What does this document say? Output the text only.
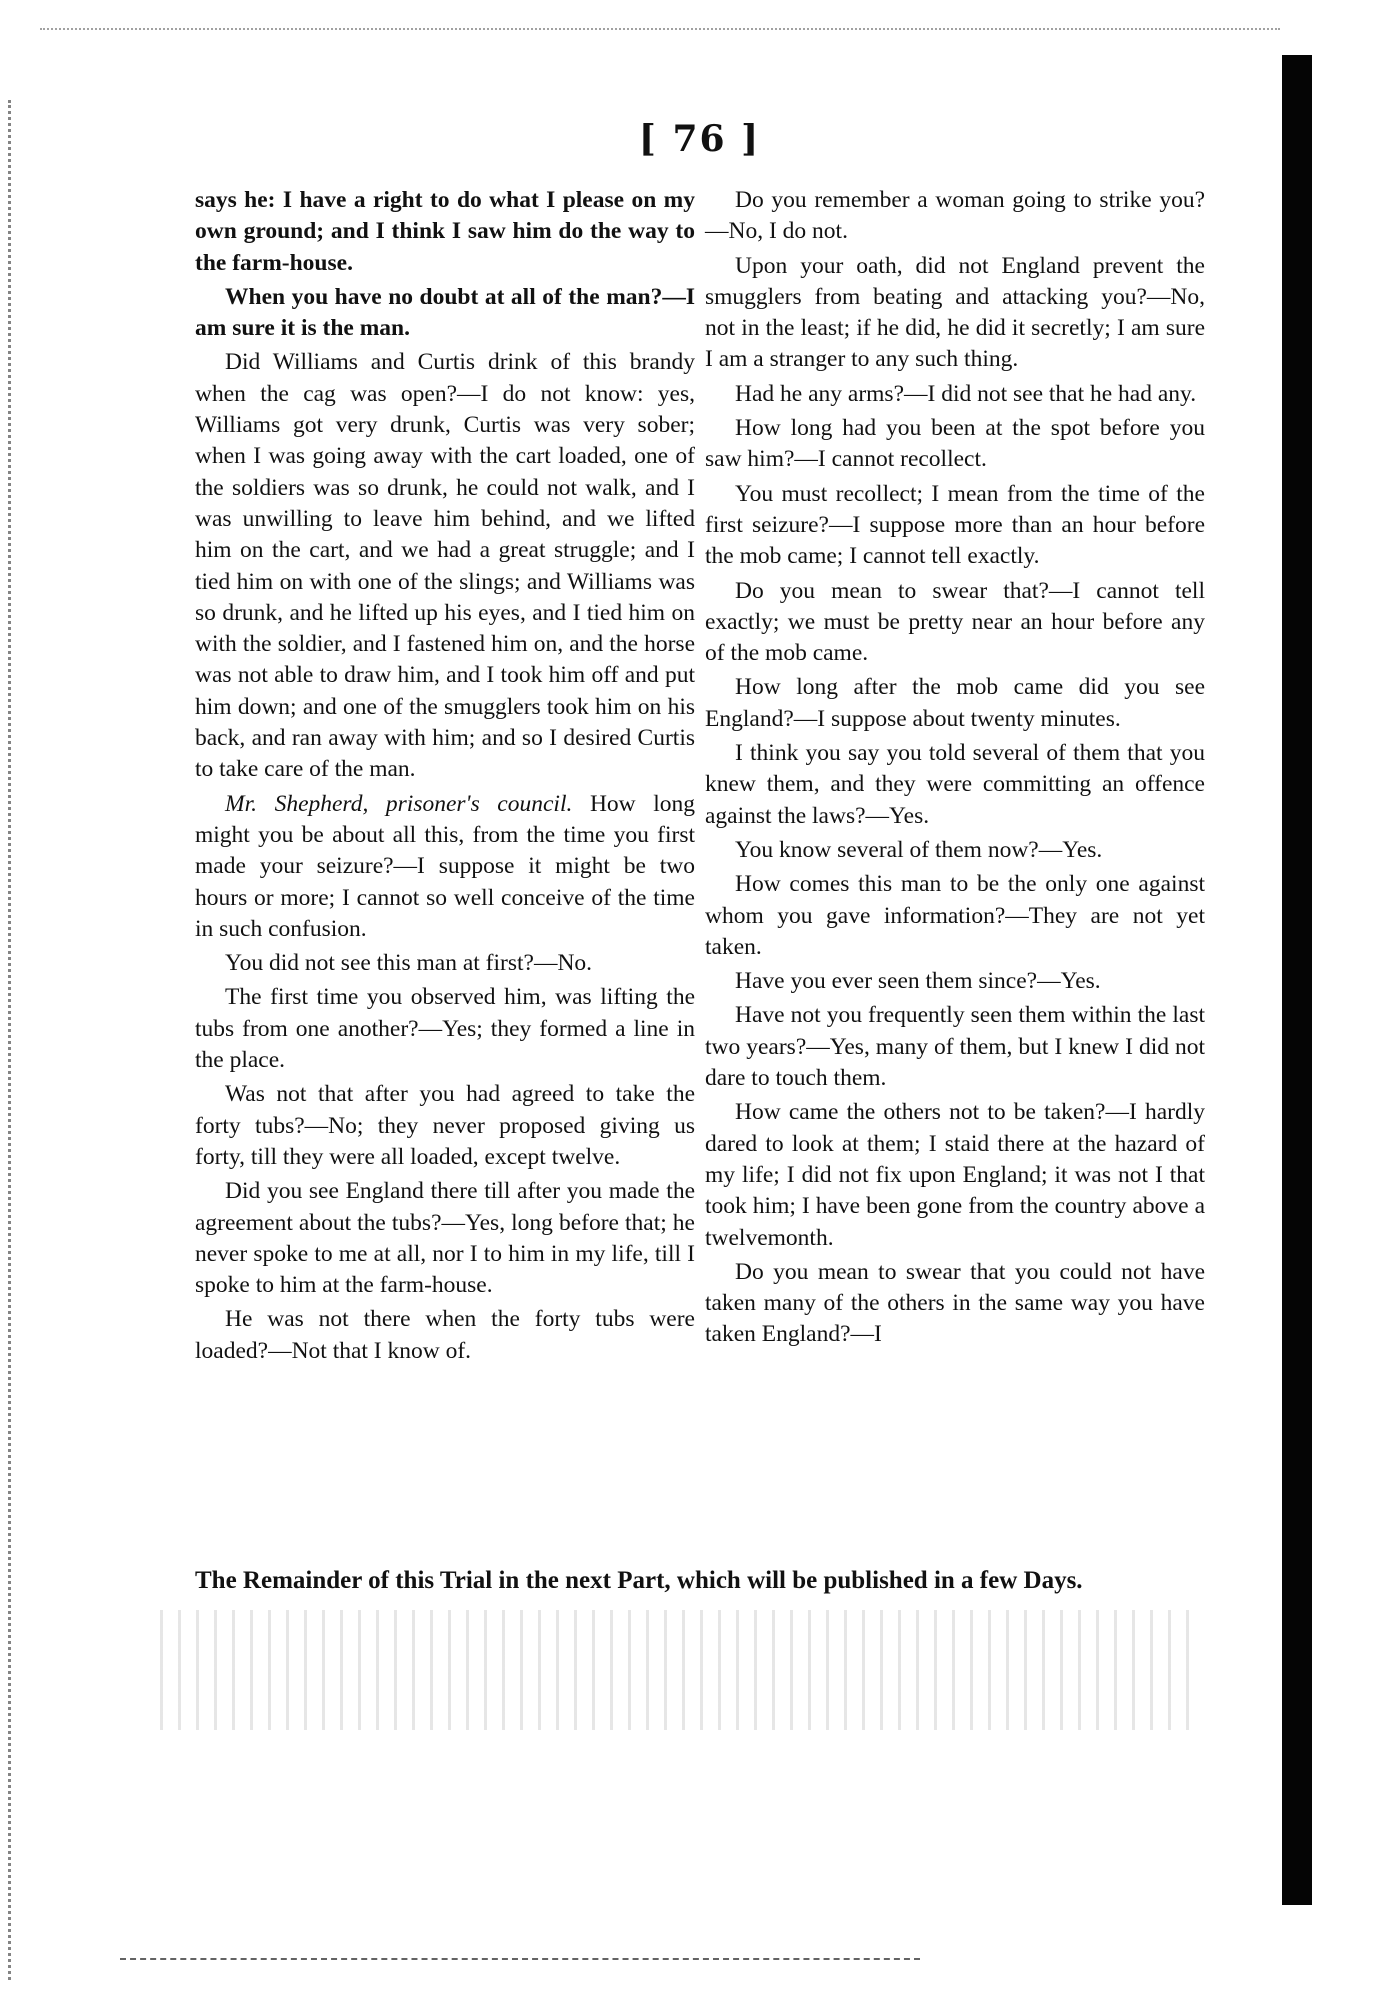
[ 76 ]

says he: I have a right to do what I please on my own ground; and I think I saw him do the way to the farm-house.

When you have no doubt at all of the man?—I am sure it is the man.

Did Williams and Curtis drink of this brandy when the cag was open?—I do not know: yes, Williams got very drunk, Curtis was very sober; when I was going away with the cart loaded, one of the soldiers was so drunk, he could not walk, and I was unwilling to leave him behind, and we lifted him on the cart, and we had a great struggle; and I tied him on with one of the slings; and Williams was so drunk, and he lifted up his eyes, and I tied him on with the soldier, and I fastened him on, and the horse was not able to draw him, and I took him off and put him down; and one of the smugglers took him on his back, and ran away with him; and so I desired Curtis to take care of the man.

Mr. Shepherd, prisoner's council. How long might you be about all this, from the time you first made your seizure?—I suppose it might be two hours or more; I cannot so well conceive of the time in such confusion.

You did not see this man at first?—No.

The first time you observed him, was lifting the tubs from one another?—Yes; they formed a line in the place.

Was not that after you had agreed to take the forty tubs?—No; they never proposed giving us forty, till they were all loaded, except twelve.

Did you see England there till after you made the agreement about the tubs?—Yes, long before that; he never spoke to me at all, nor I to him in my life, till I spoke to him at the farm-house.

He was not there when the forty tubs were loaded?—Not that I know of.

Do you remember a woman going to strike you?—No, I do not.

Upon your oath, did not England prevent the smugglers from beating and attacking you?—No, not in the least; if he did, he did it secretly; I am sure I am a stranger to any such thing.

Had he any arms?—I did not see that he had any.

How long had you been at the spot before you saw him?—I cannot recollect.

You must recollect; I mean from the time of the first seizure?—I suppose more than an hour before the mob came; I cannot tell exactly.

Do you mean to swear that?—I cannot tell exactly; we must be pretty near an hour before any of the mob came.

How long after the mob came did you see England?—I suppose about twenty minutes.

I think you say you told several of them that you knew them, and they were committing an offence against the laws?—Yes.

You know several of them now?—Yes.

How comes this man to be the only one against whom you gave information?—They are not yet taken.

Have you ever seen them since?—Yes.

Have not you frequently seen them within the last two years?—Yes, many of them, but I knew I did not dare to touch them.

How came the others not to be taken?—I hardly dared to look at them; I staid there at the hazard of my life; I did not fix upon England; it was not I that took him; I have been gone from the country above a twelvemonth.

Do you mean to swear that you could not have taken many of the others in the same way you have taken England?—I

The Remainder of this Trial in the next Part, which will be published in a few Days.
